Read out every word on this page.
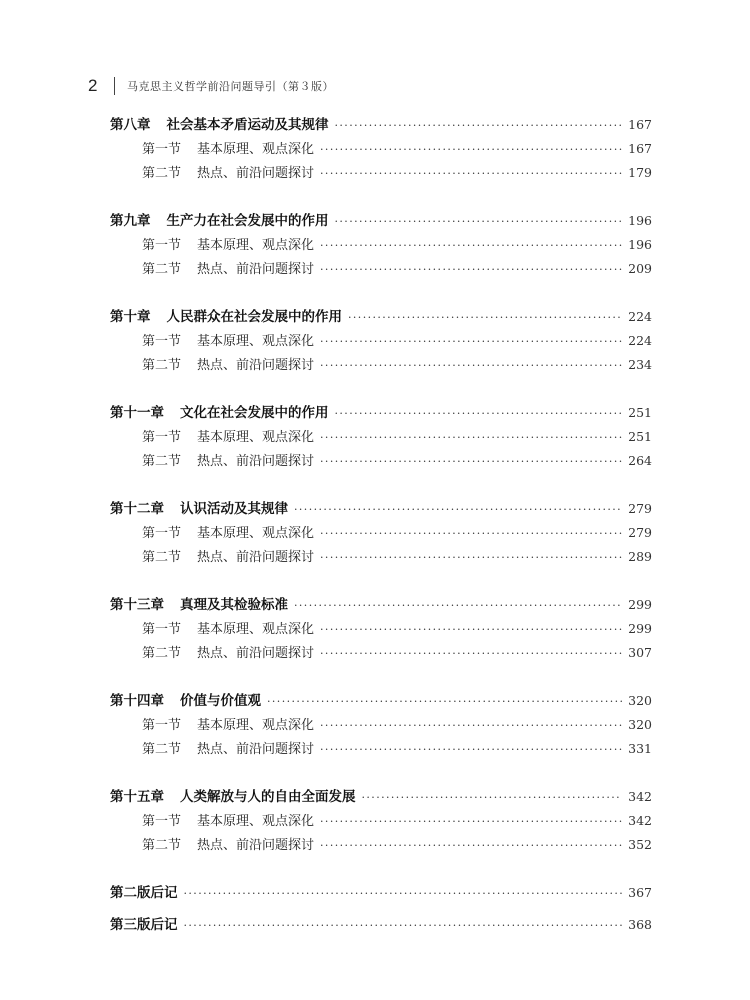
2	马克思主义哲学前沿问题导引（第３版）
第八章 社会基本矛盾运动及其规律 ·····	167
第一节 基本原理、观点深化 ·····	167
第二节 热点、前沿问题探讨 ·····	179
第九章 生产力在社会发展中的作用 ·····	196
第一节 基本原理、观点深化 ·····	196
第二节 热点、前沿问题探讨 ·····	209
第十章 人民群众在社会发展中的作用 ·····	224
第一节 基本原理、观点深化 ·····	224
第二节 热点、前沿问题探讨 ·····	234
第十一章 文化在社会发展中的作用 ·····	251
第一节 基本原理、观点深化 ·····	251
第二节 热点、前沿问题探讨 ·····	264
第十二章 认识活动及其规律 ·····	279
第一节 基本原理、观点深化 ·····	279
第二节 热点、前沿问题探讨 ·····	289
第十三章 真理及其检验标准 ·····	299
第一节 基本原理、观点深化 ·····	299
第二节 热点、前沿问题探讨 ·····	307
第十四章 价值与价值观 ·····	320
第一节 基本原理、观点深化 ·····	320
第二节 热点、前沿问题探讨 ·····	331
第十五章 人类解放与人的自由全面发展 ·····	342
第一节 基本原理、观点深化 ·····	342
第二节 热点、前沿问题探讨 ·····	352
第二版后记 ·····	367
第三版后记 ·····	368
